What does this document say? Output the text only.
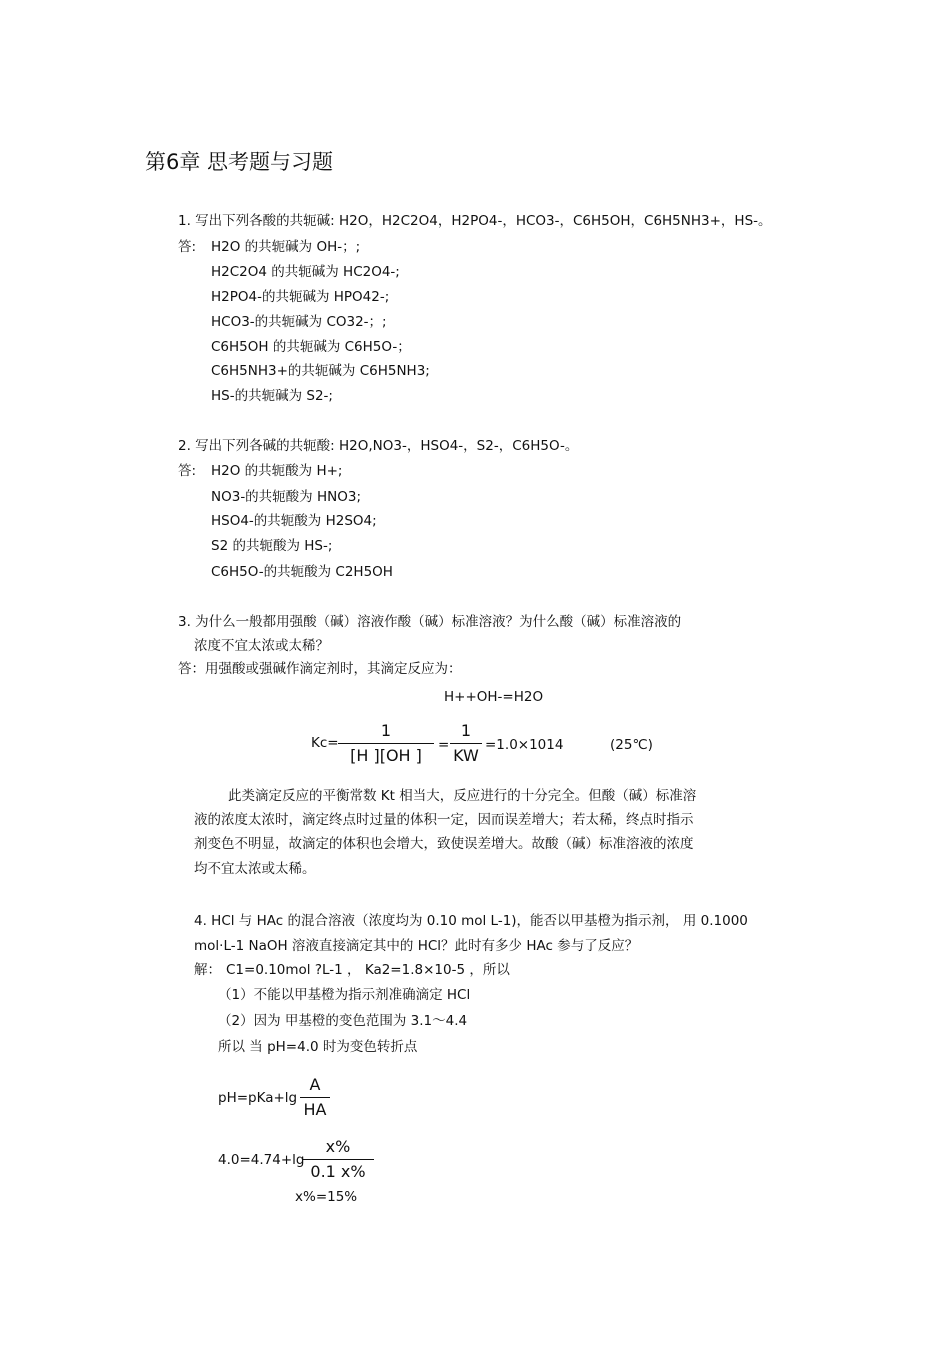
第6章 思考题与习题
1. 写出下列各酸的共轭碱: H2O，H2C2O4，H2PO4-，HCO3-，C6H5OH，C6H5NH3+，HS-。
答: H2O 的共轭碱为 OH-；;
H2C2O4 的共轭碱为 HC2O4-;
H2PO4-的共轭碱为 HPO42-;
HCO3-的共轭碱为 CO32-；;
C6H5OH 的共轭碱为 C6H5O-；
C6H5NH3+的共轭碱为 C6H5NH3;
HS-的共轭碱为 S2-;
2. 写出下列各碱的共轭酸: H2O,NO3-，HSO4-，S2-，C6H5O-。
答: H2O 的共轭酸为 H+;
NO3-的共轭酸为 HNO3;
HSO4-的共轭酸为 H2SO4;
S2 的共轭酸为 HS-;
C6H5O-的共轭酸为 C2H5OH
3. 为什么一般都用强酸（碱）溶液作酸（碱）标准溶液？为什么酸（碱）标准溶液的
浓度不宜太浓或太稀？
答：用强酸或强碱作滴定剂时，其滴定反应为：
H++OH-=H2O
Kc=
1
[H ][OH ]
=
1
KW
=1.0×1014	(25℃)
此类滴定反应的平衡常数 Kt 相当大，反应进行的十分完全。但酸（碱）标准溶
液的浓度太浓时，滴定终点时过量的体积一定，因而误差增大；若太稀，终点时指示
剂变色不明显，故滴定的体积也会增大，致使误差增大。故酸（碱）标准溶液的浓度
均不宜太浓或太稀。
4. HCl 与 HAc 的混合溶液（浓度均为 0.10 mol L-1)，能否以甲基橙为指示剂， 用 0.1000
mol·L-1 NaOH 溶液直接滴定其中的 HCl？此时有多少 HAc 参与了反应？
解： C1=0.10mol ?L-1 ， Ka2=1.8×10-5 ，所以
（1）不能以甲基橙为指示剂准确滴定 HCl
（2）因为 甲基橙的变色范围为 3.1～4.4
所以 当 pH=4.0 时为变色转折点
pH=pKa+lg
A
HA
4.0=4.74+lg
x%
0.1 x%
x%=15%
